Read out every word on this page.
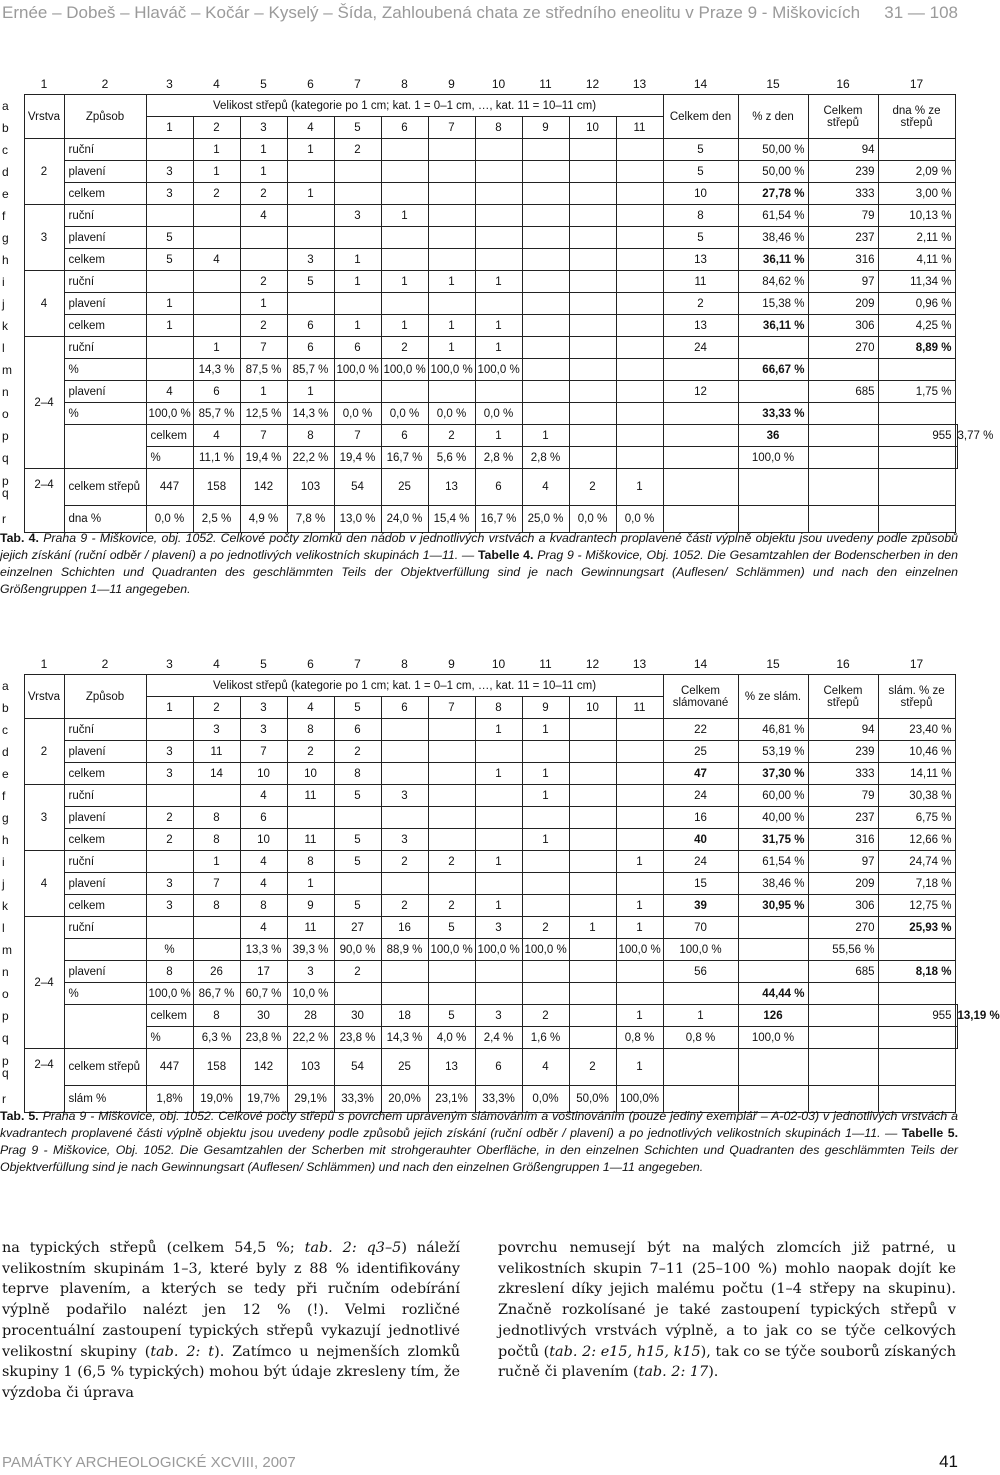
Ernée – Dobeš – Hlaváč – Kočár – Kyselý – Šída, Zahloubená chata ze středního eneolitu v Praze 9 - Miškovicích 31 — 108
	1	2	3	4	5	6	7	8	9	10	11	12	13	14	15	16	17	
a	Vrstva	Způsob	Velikost střepů (kategorie po 1 cm; kat. 1 = 0–1 cm, …, kat. 11 = 10–11 cm)											Celkem den	% z den	Celkem střepů	dna % ze střepů	
b			1	2	3	4	5	6	7	8	9	10	11					
c	2	ruční		1	1	1	2							5	50,00 %	94		
d		plavení	3	1	1									5	50,00 %	239	2,09 %	
e		celkem	3	2	2	1								10	27,78 %	333	3,00 %	
f	3	ruční			4		3	1						8	61,54 %	79	10,13 %	
g		plavení	5											5	38,46 %	237	2,11 %	
h		celkem	5	4		3	1							13	36,11 %	316	4,11 %	
i	4	ruční			2	5	1	1	1	1				11	84,62 %	97	11,34 %	
j		plavení	1		1									2	15,38 %	209	0,96 %	
k		celkem	1		2	6	1	1	1	1				13	36,11 %	306	4,25 %	
l	2–4	ruční		1	7	6	6	2	1	1				24		270	8,89 %	
m		%		14,3 %	87,5 %	85,7 %	100,0 %	100,0 %	100,0 %	100,0 %					66,67 %			
n		plavení	4	6	1	1								12		685	1,75 %	
o		%	100,0 %	85,7 %	12,5 %	14,3 %	0,0 %	0,0 %	0,0 %	0,0 %					33,33 %			
p			celkem	4	7	8	7	6	2	1	1				36		955	3,77 %
q			%	11,1 %	19,4 %	22,2 %	19,4 %	16,7 %	5,6 %	2,8 %	2,8 %				100,0 %			
p
q	2–4	celkem střepů	447	158	142	103	54	25	13	6	4	2	1					
r		dna %	0,0 %	2,5 %	4,9 %	7,8 %	13,0 %	24,0 %	15,4 %	16,7 %	25,0 %	0,0 %	0,0 %					
Tab. 4. Praha 9 - Miškovice, obj. 1052. Celkové počty zlomků den nádob v jednotlivých vrstvách a kvadrantech proplavené části výplně objektu jsou uvedeny podle způsobů jejich získání (ruční odběr / plavení) a po jednotlivých velikostních skupinách 1—11. — Tabelle 4. Prag 9 - Miškovice, Obj. 1052. Die Gesamtzahlen der Bodenscherben in den einzelnen Schichten und Quadranten des geschlämmten Teils der Objektverfüllung sind je nach Gewinnungsart (Auflesen/ Schlämmen) und nach den einzelnen Größengruppen 1—11 angegeben.
	1	2	3	4	5	6	7	8	9	10	11	12	13	14	15	16	17	
a	Vrstva	Způsob	Velikost střepů (kategorie po 1 cm; kat. 1 = 0–1 cm, …, kat. 11 = 10–11 cm)											Celkem slámované	% ze slám.	Celkem střepů	slám. % ze střepů	
b			1	2	3	4	5	6	7	8	9	10	11					
c	2	ruční		3	3	8	6			1	1			22	46,81 %	94	23,40 %	
d		plavení	3	11	7	2	2							25	53,19 %	239	10,46 %	
e		celkem	3	14	10	10	8			1	1			47	37,30 %	333	14,11 %	
f	3	ruční			4	11	5	3			1			24	60,00 %	79	30,38 %	
g		plavení	2	8	6									16	40,00 %	237	6,75 %	
h		celkem	2	8	10	11	5	3			1			40	31,75 %	316	12,66 %	
i	4	ruční		1	4	8	5	2	2	1			1	24	61,54 %	97	24,74 %	
j		plavení	3	7	4	1								15	38,46 %	209	7,18 %	
k		celkem	3	8	8	9	5	2	2	1			1	39	30,95 %	306	12,75 %	
l	2–4	ruční			4	11	27	16	5	3	2	1	1	70		270	25,93 %	
m			%		13,3 %	39,3 %	90,0 %	88,9 %	100,0 %	100,0 %	100,0 %		100,0 %	100,0 %		55,56 %		
n		plavení	8	26	17	3	2							56		685	8,18 %	
o		%	100,0 %	86,7 %	60,7 %	10,0 %									44,44 %			
p			celkem	8	30	28	30	18	5	3	2		1	1	126		955	13,19 %
q			%	6,3 %	23,8 %	22,2 %	23,8 %	14,3 %	4,0 %	2,4 %	1,6 %		0,8 %	0,8 %	100,0 %			
p
q	2–4	celkem střepů	447	158	142	103	54	25	13	6	4	2	1					
r		slám %	1,8%	19,0%	19,7%	29,1%	33,3%	20,0%	23,1%	33,3%	0,0%	50,0%	100,0%					
Tab. 5. Praha 9 - Miškovice, obj. 1052. Celkové počty střepů s povrchem upraveným slámováním a voštinováním (pouze jediný exemplář – A-02-03) v jednotlivých vrstvách a kvadrantech proplavené části výplně objektu jsou uvedeny podle způsobů jejich získání (ruční odběr / plavení) a po jednotlivých velikostních skupinách 1—11. — Tabelle 5. Prag 9 - Miškovice, Obj. 1052. Die Gesamtzahlen der Scherben mit strohgerauhter Oberfläche, in den einzelnen Schichten und Quadranten des geschlämmten Teils der Objektverfüllung sind je nach Gewinnungsart (Auflesen/ Schlämmen) und nach den einzelnen Größengruppen 1—11 angegeben.
na typických střepů (celkem 54,5 %; tab. 2: q3–5) náleží velikostním skupinám 1–3, které byly z 88 % identifikovány teprve plavením, a kterých se tedy při ručním odebírání výplně podařilo nalézt jen 12 % (!). Velmi rozličné procentuální zastoupení typických střepů vykazují jednotlivé velikostní skupiny (tab. 2: t). Zatímco u nejmenších zlomků skupiny 1 (6,5 % typických) mohou být údaje zkresleny tím, že výzdoba či úprava
povrchu nemusejí být na malých zlomcích již patrné, u velikostních skupin 7–11 (25–100 %) mohlo naopak dojít ke zkreslení díky jejich malému počtu (1–4 střepy na skupinu). Značně rozkolísané je také zastoupení typických střepů v jednotlivých vrstvách výplně, a to jak co se týče celkových počtů (tab. 2: e15, h15, k15), tak co se týče souborů získaných ručně či plavením (tab. 2: 17).
PAMÁTKY ARCHEOLOGICKÉ XCVIII, 2007	41
